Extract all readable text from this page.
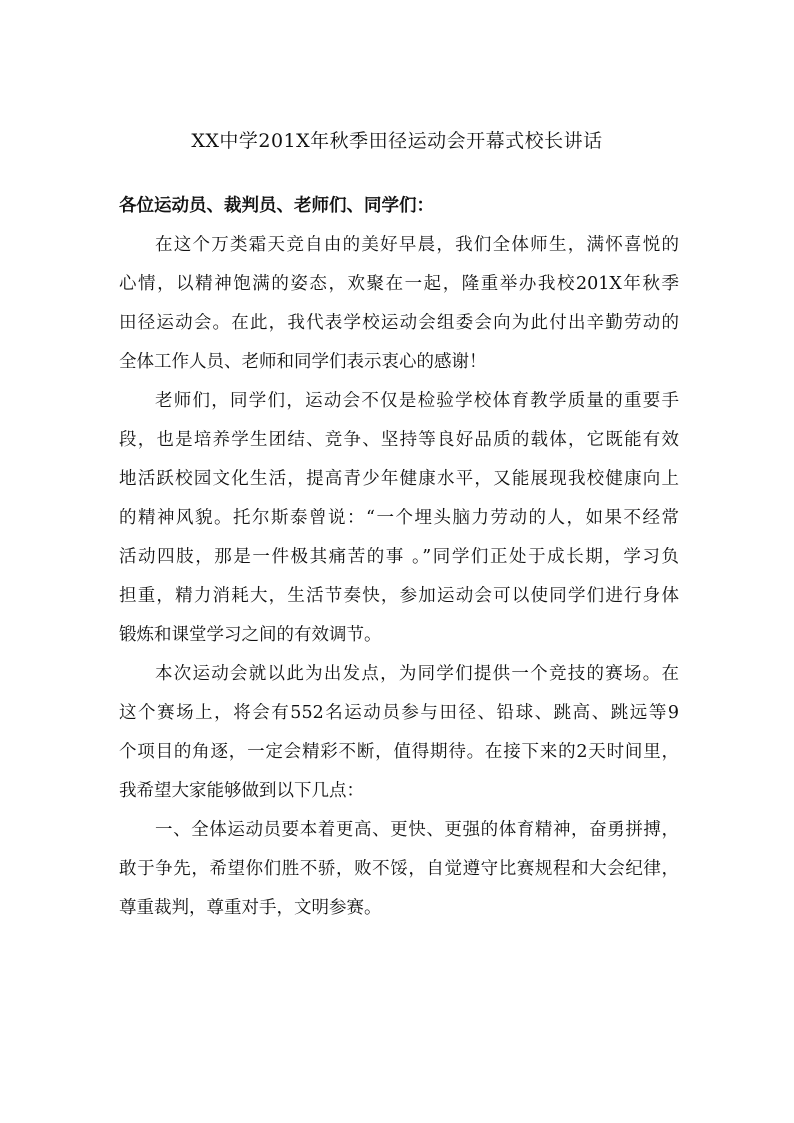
XX中学201X年秋季田径运动会开幕式校长讲话

各位运动员、裁判员、老师们、同学们：

在这个万类霜天竞自由的美好早晨，我们全体师生，满怀喜悦的
心情，以精神饱满的姿态，欢聚在一起，隆重举办我校201X年秋季
田径运动会。在此，我代表学校运动会组委会向为此付出辛勤劳动的
全体工作人员、老师和同学们表示衷心的感谢！

老师们，同学们，运动会不仅是检验学校体育教学质量的重要手
段，也是培养学生团结、竞争、坚持等良好品质的载体，它既能有效
地活跃校园文化生活，提高青少年健康水平，又能展现我校健康向上
的精神风貌。托尔斯泰曾说：“一个埋头脑力劳动的人，如果不经常
活动四肢，那是一件极其痛苦的事 。”同学们正处于成长期，学习负
担重，精力消耗大，生活节奏快，参加运动会可以使同学们进行身体
锻炼和课堂学习之间的有效调节。

本次运动会就以此为出发点，为同学们提供一个竞技的赛场。在
这个赛场上，将会有552名运动员参与田径、铅球、跳高、跳远等9
个项目的角逐，一定会精彩不断，值得期待。在接下来的2天时间里，
我希望大家能够做到以下几点：

一、全体运动员要本着更高、更快、更强的体育精神，奋勇拼搏，
敢于争先，希望你们胜不骄，败不馁，自觉遵守比赛规程和大会纪律，
尊重裁判，尊重对手，文明参赛。
